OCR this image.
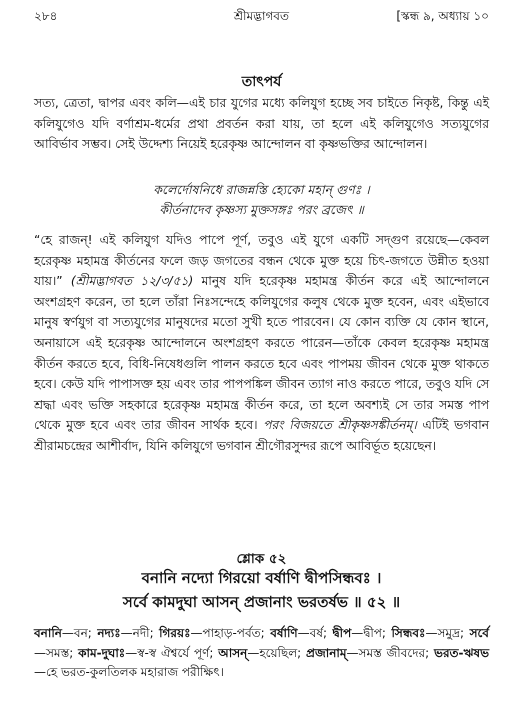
২৮৪	শ্রীমদ্ভাগবত	[স্কন্ধ ৯, অধ্যায় ১০
তাৎপর্য
সত্য, ত্রেতা, দ্বাপর এবং কলি—এই চার যুগের মধ্যে কলিযুগ হচ্ছে সব চাইতে নিকৃষ্ট, কিন্তু এই কলিযুগেও যদি বর্ণাশ্রম-ধর্মের প্রথা প্রবর্তন করা যায়, তা হলে এই কলিযুগেও সত্যযুগের আবির্ভাব সম্ভব। সেই উদ্দেশ্য নিয়েই হরেকৃষ্ণ আন্দোলন বা কৃষ্ণভক্তির আন্দোলন।
কলের্দোষনিধে রাজন্নস্তি হ্যেকো মহান্ গুণঃ ।
কীর্তনাদেব কৃষ্ণস্য মুক্তসঙ্গঃ পরং ব্রজেৎ ॥
“হে রাজন্! এই কলিযুগ যদিও পাপে পূর্ণ, তবুও এই যুগে একটি সদ্গুণ রয়েছে—কেবল হরেকৃষ্ণ মহামন্ত্র কীর্তনের ফলে জড় জগতের বন্ধন থেকে মুক্ত হয়ে চিৎ-জগতে উন্নীত হওয়া যায়।” (শ্রীমদ্ভাগবত ১২/৩/৫১) মানুষ যদি হরেকৃষ্ণ মহামন্ত্র কীর্তন করে এই আন্দোলনে অংশগ্রহণ করেন, তা হলে তাঁরা নিঃসন্দেহে কলিযুগের কলুষ থেকে মুক্ত হবেন, এবং এইভাবে মানুষ স্বর্ণযুগ বা সত্যযুগের মানুষদের মতো সুখী হতে পারবেন। যে কোন ব্যক্তি যে কোন স্থানে, অনায়াসে এই হরেকৃষ্ণ আন্দোলনে অংশগ্রহণ করতে পারেন—তাঁকে কেবল হরেকৃষ্ণ মহামন্ত্র কীর্তন করতে হবে, বিধি-নিষেধগুলি পালন করতে হবে এবং পাপময় জীবন থেকে মুক্ত থাকতে হবে। কেউ যদি পাপাসক্ত হয় এবং তার পাপপঙ্কিল জীবন ত্যাগ নাও করতে পারে, তবুও যদি সে শ্রদ্ধা এবং ভক্তি সহকারে হরেকৃষ্ণ মহামন্ত্র কীর্তন করে, তা হলে অবশ্যই সে তার সমস্ত পাপ থেকে মুক্ত হবে এবং তার জীবন সার্থক হবে। পরং বিজয়তে শ্রীকৃষ্ণসঙ্কীর্তনম্। এটিই ভগবান শ্রীরামচন্দ্রের আশীর্বাদ, যিনি কলিযুগে ভগবান শ্রীগৌরসুন্দর রূপে আবির্ভূত হয়েছেন।
শ্লোক ৫২
বনানি নদ্যো গিরয়ো বর্ষাণি দ্বীপসিন্ধবঃ ।
সর্বে কামদুঘা আসন্ প্রজানাং ভরতর্ষভ ॥ ৫২ ॥
বনানি—বন; নদ্যঃ—নদী; গিরয়ঃ—পাহাড়-পর্বত; বর্ষাণি—বর্ষ; দ্বীপ—দ্বীপ; সিন্ধবঃ—সমুদ্র; সর্বে—সমস্ত; কাম-দুঘাঃ—স্ব-স্ব ঐশ্বর্যে পূর্ণ; আসন্—হয়েছিল; প্রজানাম্—সমস্ত জীবদের; ভরত-ঋষভ—হে ভরত-কুলতিলক মহারাজ পরীক্ষিৎ।
